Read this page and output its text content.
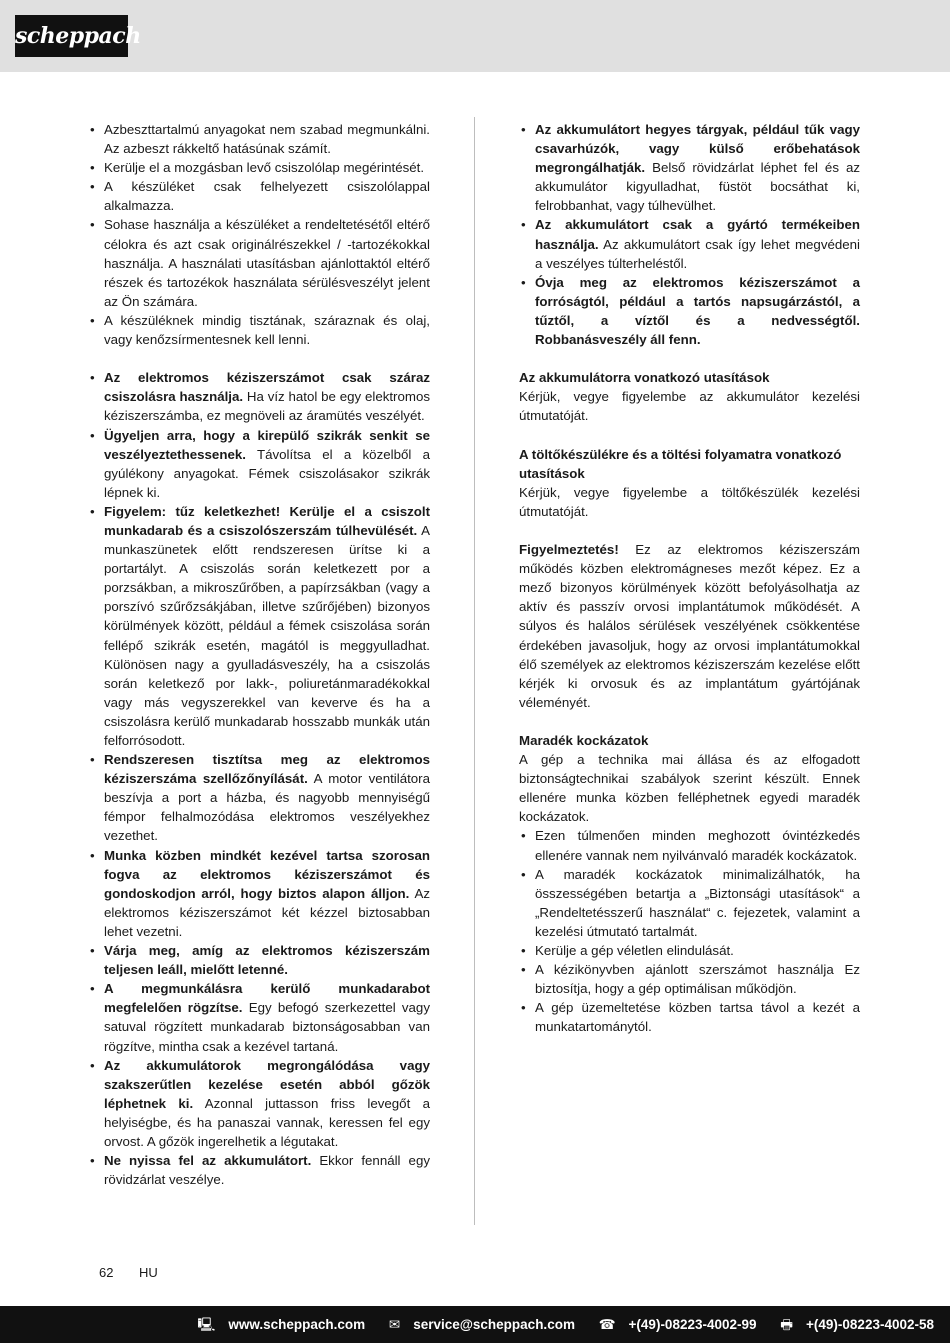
scheppach
• Azbeszttartalmú anyagokat nem szabad megmunkálni. Az azbeszt rákkeltő hatásúnak számít.
• Kerülje el a mozgásban levő csiszolólap megérintését.
• A készüléket csak felhelyezett csiszolólappal alkalmazza.
• Sohase használja a készüléket a rendeltetésétől eltérő célokra és azt csak originálrészekkel / -tartozékokkal használja. A használati utasításban ajánlottaktól eltérő részek és tartozékok használata sérülésveszélyt jelent az Ön számára.
• A készüléknek mindig tisztának, száraznak és olaj, vagy kenőzsírmentesnek kell lenni.
• Az elektromos kéziszerszámot csak száraz csiszolásra használja. Ha víz hatol be egy elektromos kéziszerszámba, ez megnöveli az áramütés veszélyét.
• Ügyeljen arra, hogy a kirepülő szikrák senkit se veszélyeztethessenek. Távolítsa el a közelből a gyúlékony anyagokat. Fémek csiszolásakor szikrák lépnek ki.
• Figyelem: tűz keletkezhet! Kerülje el a csiszolt munkadarab és a csiszolószerszám túlhevülését. A munkaszünetek előtt rendszeresen ürítse ki a portartályt. A csiszolás során keletkezett por a porzsákban, a mikroszűrőben, a papírzsákban (vagy a porszívó szűrőzsákjában, illetve szűrőjében) bizonyos körülmények között, például a fémek csiszolása során fellépő szikrák esetén, magától is meggyulladhat. Különösen nagy a gyulladásveszély, ha a csiszolás során keletkező por lakk-, poliuretánmaradékokkal vagy más vegyszerekkel van keverve és ha a csiszolásra kerülő munkadarab hosszabb munkák után felforrósodott.
• Rendszeresen tisztítsa meg az elektromos kéziszerszáma szellőzőnyílását. A motor ventilátora beszívja a port a házba, és nagyobb mennyiségű fémpor felhalmozódása elektromos veszélyekhez vezethet.
• Munka közben mindkét kezével tartsa szorosan fogva az elektromos kéziszerszámot és gondoskodjon arról, hogy biztos alapon álljon. Az elektromos kéziszerszámot két kézzel biztosabban lehet vezetni.
• Várja meg, amíg az elektromos kéziszerszám teljesen leáll, mielőtt letenné.
• A megmunkálásra kerülő munkadarabot megfelelően rögzítse. Egy befogó szerkezettel vagy satuval rögzített munkadarab biztonságosabban van rögzítve, mintha csak a kezével tartaná.
• Az akkumulátorok megrongálódása vagy szakszerűtlen kezelése esetén abból gőzök léphetnek ki. Azonnal juttasson friss levegőt a helyiségbe, és ha panaszai vannak, keressen fel egy orvost. A gőzök ingerelhetik a légutakat.
• Ne nyissa fel az akkumulátort. Ekkor fennáll egy rövidzárlat veszélye.
• Az akkumulátort hegyes tárgyak, például tűk vagy csavarhúzók, vagy külső erőbehatások megrongálhatják. Belső rövidzárlat léphet fel és az akkumulátor kigyulladhat, füstöt bocsáthat ki, felrobbanhat, vagy túlhevülhet.
• Az akkumulátort csak a gyártó termékeiben használja. Az akkumulátort csak így lehet megvédeni a veszélyes túlterheléstől.
• Óvja meg az elektromos kéziszerszámot a forróságtól, például a tartós napsugárzástól, a tűztől, a víztől és a nedvességtől. Robbanásveszély áll fenn.
Az akkumulátorra vonatkozó utasítások

Kérjük, vegye figyelembe az akkumulátor kezelési útmutatóját.

A töltőkészülékre és a töltési folyamatra vonatkozó utasítások

Kérjük, vegye figyelembe a töltőkészülék kezelési útmutatóját.

Figyelmeztetés! Ez az elektromos kéziszerszám működés közben elektromágneses mezőt képez. Ez a mező bizonyos körülmények között befolyásolhatja az aktív és passzív orvosi implantátumok működését. A súlyos és halálos sérülések veszélyének csökkentése érdekében javasoljuk, hogy az orvosi implantátumokkal élő személyek az elektromos kéziszerszám kezelése előtt kérjék ki orvosuk és az implantátum gyártójának véleményét.

Maradék kockázatok

A gép a technika mai állása és az elfogadott biztonságtechnikai szabályok szerint készült. Ennek ellenére munka közben felléphetnek egyedi maradék kockázatok.

• Ezen túlmenően minden meghozott óvintézkedés ellenére vannak nem nyilvánvaló maradék kockázatok.
• A maradék kockázatok minimalizálhatók, ha összességében betartja a „Biztonsági utasítások“ a „Rendeltetésszerű használat“ c. fejezetek, valamint a kezelési útmutató tartalmát.
• Kerülje a gép véletlen elindulását.
• A kézikönyvben ajánlott szerszámot használja Ez biztosítja, hogy a gép optimálisan működjön.
• A gép üzemeltetése közben tartsa távol a kezét a munkatartománytól.
62 HU
🖳 www.scheppach.com ✉ service@scheppach.com ☎ +(49)-08223-4002-99 🖶 +(49)-08223-4002-58
